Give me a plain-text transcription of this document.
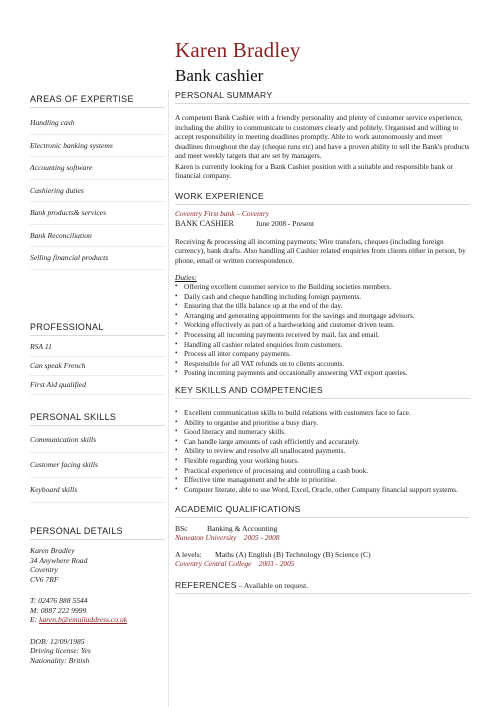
Karen Bradley
Bank cashier
AREAS OF EXPERTISE
Handling cash
Electronic banking systems
Accounting software
Cashiering duties
Bank products& services
Bank Reconciliation
Selling financial products
PROFESSIONAL
RSA 11
Can speak French
First Aid qualified
PERSONAL SKILLS
Communication skills
Customer facing skills
Keyboard skills
PERSONAL DETAILS
Karen Bradley
34 Anywhere Road
Coventry
CV6 7RF
T: 02476 888 5544
M: 0887 222 9999
E: karen.b@emailaddress.co.uk
DOB: 12/09/1985
Driving license: Yes
Nationality: British
PERSONAL SUMMARY

A competent Bank Cashier with a friendly personality and plenty of customer service experience, including the ability to communicate to customers clearly and politely. Organised and willing to accept responsibility in meeting deadlines promptly. Able to work autonomously and meet deadlines throughout the day (cheque runs etc) and have a proven ability to sell the Bank's products and meet weekly targets that are set by managers.

Karen is currently looking for a Bank Cashier position with a suitable and responsible bank or financial company.

WORK EXPERIENCE
Coventry First bank – Coventry
BANK CASHIER	June 2008 - Present

Receiving & processing all incoming payments; Wire transfers, cheques (including foreign currency), bank drafts. Also handling all Cashier related enquiries from clients either in person, by phone, email or written correspondence.

Duties:
• Offering excellent customer service to the Building societies members.
• Daily cash and cheque handling including foreign payments.
• Ensuring that the tills balance up at the end of the day.
• Arranging and generating appointments for the savings and mortgage advisors.
• Working effectively as part of a hardworking and customer driven team.
• Processing all incoming payments received by mail, fax and email.
• Handling all cashier related enquiries from customers.
• Process all inter company payments.
• Responsible for all VAT refunds on to clients accounts.
• Posting incoming payments and occasionally answering VAT export queries.
KEY SKILLS AND COMPETENCIES
• Excellent communication skills to build relations with customers face to face.
• Ability to organise and prioritise a busy diary.
• Good literacy and numeracy skills.
• Can handle large amounts of cash efficiently and accurately.
• Ability to review and resolve all unallocated payments.
• Flexible regarding your working hours.
• Practical experience of processing and controlling a cash book.
• Effective time management and be able to prioritise.
• Computer literate, able to use Word, Excel, Oracle, other Company financial support systems.
ACADEMIC QUALIFICATIONS
BSc	Banking & Accounting
Nuneaton University 2005 - 2008
A levels: Maths (A) English (B) Technology (B) Science (C)
Coventry Central College 2003 - 2005
REFERENCES – Available on request.
